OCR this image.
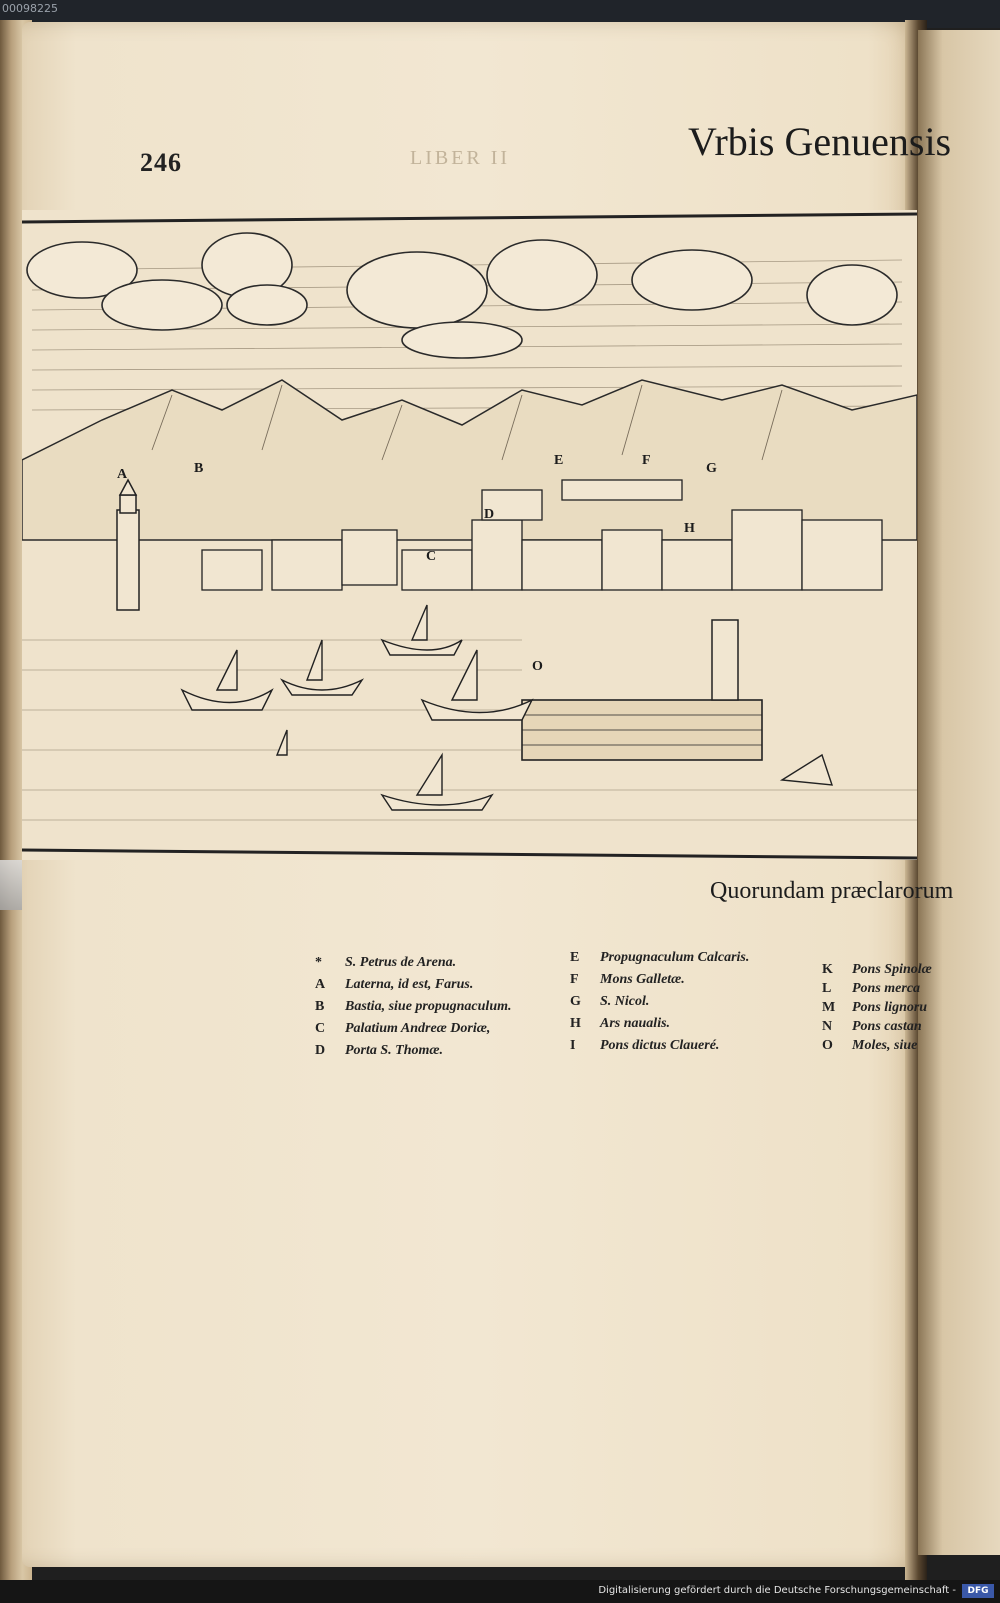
00098225
246	LIBER II	Vrbis Genuensis
A	B
C
D
E	F
G
H
O
Quorundam præclarorum
*	S. Petrus de Arena.
A	Laterna, id est, Farus.
B	Bastia, siue propugnaculum.
C	Palatium Andreæ Doriæ,
D	Porta S. Thomæ.
E	Propugnaculum Calcaris.
F	Mons Galletæ.
G	S. Nicol.
H	Ars naualis.
I	Pons dictus Claueré.
K	Pons Spinolæ
L	Pons merca
M	Pons lignoru
N	Pons castan
O	Moles, siue
Digitalisierung gefördert durch die Deutsche Forschungsgemeinschaft -	DFG
